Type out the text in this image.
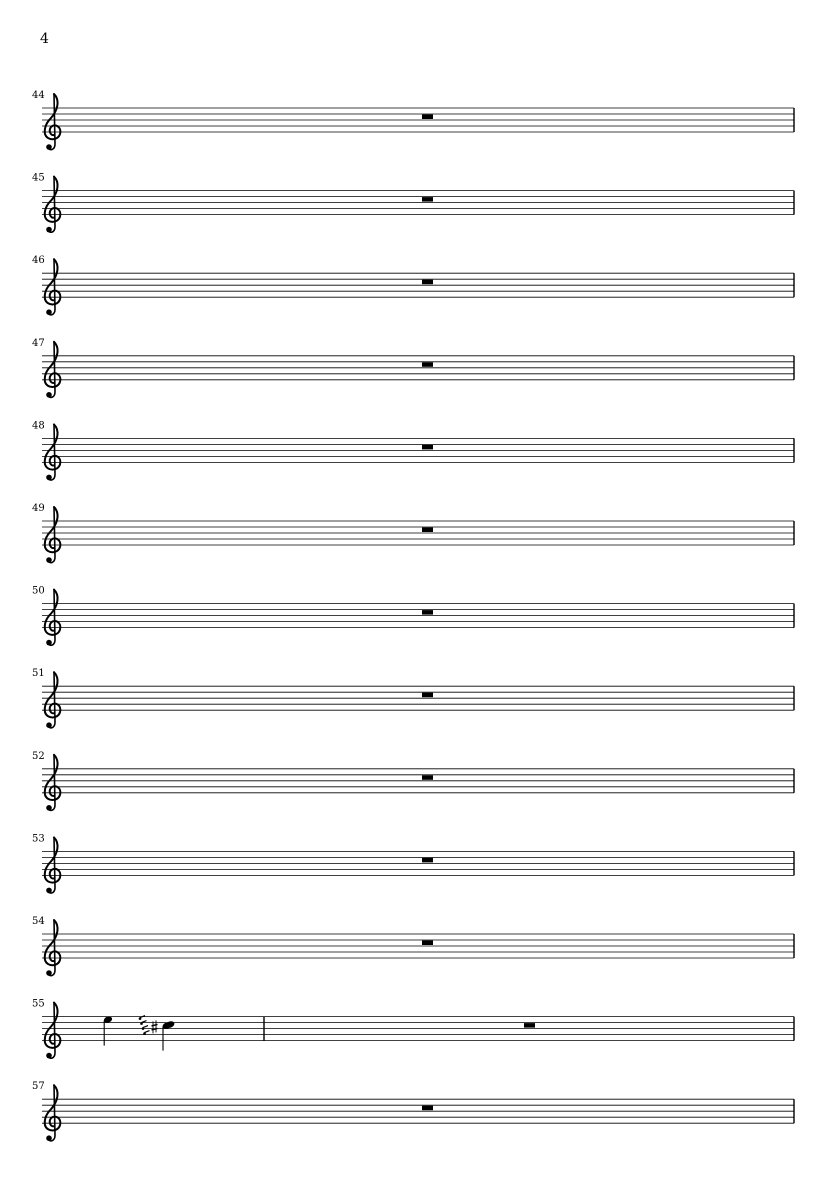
4
44
45
46
47
48
49
50
51
52
53
54
55
57
